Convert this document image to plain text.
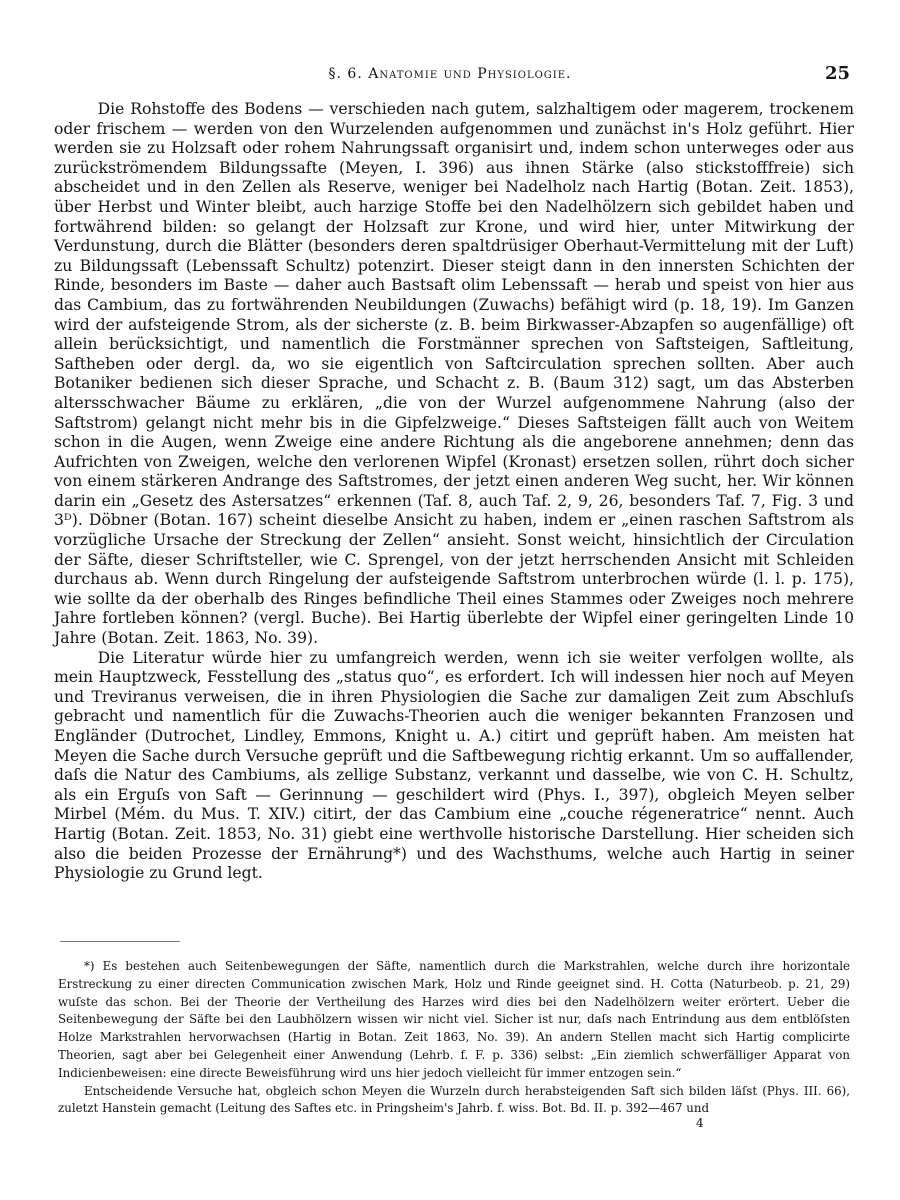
§. 6. Anatomie und Physiologie.	25

Die Rohstoffe des Bodens — verschieden nach gutem, salzhaltigem oder magerem, trockenem oder frischem — werden von den Wurzelenden aufgenommen und zunächst in's Holz geführt. Hier werden sie zu Holzsaft oder rohem Nahrungssaft organisirt und, indem schon unterweges oder aus zurückströmendem Bildungssafte (Meyen, I. 396) aus ihnen Stärke (also stickstofffreie) sich abscheidet und in den Zellen als Reserve, weniger bei Nadelholz nach Hartig (Botan. Zeit. 1853), über Herbst und Winter bleibt, auch harzige Stoffe bei den Nadelhölzern sich gebildet haben und fortwährend bilden: so gelangt der Holzsaft zur Krone, und wird hier, unter Mitwirkung der Verdunstung, durch die Blätter (besonders deren spaltdrüsiger Oberhaut-Vermittelung mit der Luft) zu Bildungssaft (Lebenssaft Schultz) potenzirt. Dieser steigt dann in den innersten Schichten der Rinde, besonders im Baste — daher auch Bastsaft olim Lebenssaft — herab und speist von hier aus das Cambium, das zu fortwährenden Neubildungen (Zuwachs) befähigt wird (p. 18, 19). Im Ganzen wird der aufsteigende Strom, als der sicherste (z. B. beim Birkwasser-Abzapfen so augenfällige) oft allein berücksichtigt, und namentlich die Forstmänner sprechen von Saftsteigen, Saftleitung, Saftheben oder dergl. da, wo sie eigentlich von Saftcirculation sprechen sollten. Aber auch Botaniker bedienen sich dieser Sprache, und Schacht z. B. (Baum 312) sagt, um das Absterben altersschwacher Bäume zu erklären, „die von der Wurzel aufgenommene Nahrung (also der Saftstrom) gelangt nicht mehr bis in die Gipfelzweige.“ Dieses Saftsteigen fällt auch von Weitem schon in die Augen, wenn Zweige eine andere Richtung als die angeborene annehmen; denn das Aufrichten von Zweigen, welche den verlorenen Wipfel (Kronast) ersetzen sollen, rührt doch sicher von einem stärkeren Andrange des Saftstromes, der jetzt einen anderen Weg sucht, her. Wir können darin ein „Gesetz des Astersatzes“ erkennen (Taf. 8, auch Taf. 2, 9, 26, besonders Taf. 7, Fig. 3 und 3ᴰ). Döbner (Botan. 167) scheint dieselbe Ansicht zu haben, indem er „einen raschen Saftstrom als vorzügliche Ursache der Streckung der Zellen“ ansieht. Sonst weicht, hinsichtlich der Circulation der Säfte, dieser Schriftsteller, wie C. Sprengel, von der jetzt herrschenden Ansicht mit Schleiden durchaus ab. Wenn durch Ringelung der aufsteigende Saftstrom unterbrochen würde (l. l. p. 175), wie sollte da der oberhalb des Ringes befindliche Theil eines Stammes oder Zweiges noch mehrere Jahre fortleben können? (vergl. Buche). Bei Hartig überlebte der Wipfel einer geringelten Linde 10 Jahre (Botan. Zeit. 1863, No. 39).

Die Literatur würde hier zu umfangreich werden, wenn ich sie weiter verfolgen wollte, als mein Hauptzweck, Fesstellung des „status quo“, es erfordert. Ich will indessen hier noch auf Meyen und Treviranus verweisen, die in ihren Physiologien die Sache zur damaligen Zeit zum Abschluſs gebracht und namentlich für die Zuwachs-Theorien auch die weniger bekannten Franzosen und Engländer (Dutrochet, Lindley, Emmons, Knight u. A.) citirt und geprüft haben. Am meisten hat Meyen die Sache durch Versuche geprüft und die Saftbewegung richtig erkannt. Um so auffallender, daſs die Natur des Cambiums, als zellige Substanz, verkannt und dasselbe, wie von C. H. Schultz, als ein Erguſs von Saft — Gerinnung — geschildert wird (Phys. I., 397), obgleich Meyen selber Mirbel (Mém. du Mus. T. XIV.) citirt, der das Cambium eine „couche régeneratrice“ nennt. Auch Hartig (Botan. Zeit. 1853, No. 31) giebt eine werthvolle historische Darstellung. Hier scheiden sich also die beiden Prozesse der Ernährung*) und des Wachsthums, welche auch Hartig in seiner Physiologie zu Grund legt.

*) Es bestehen auch Seitenbewegungen der Säfte, namentlich durch die Markstrahlen, welche durch ihre horizontale Erstreckung zu einer directen Communication zwischen Mark, Holz und Rinde geeignet sind. H. Cotta (Naturbeob. p. 21, 29) wuſste das schon. Bei der Theorie der Vertheilung des Harzes wird dies bei den Nadelhölzern weiter erörtert. Ueber die Seitenbewegung der Säfte bei den Laubhölzern wissen wir nicht viel. Sicher ist nur, daſs nach Entrindung aus dem entblöſsten Holze Markstrahlen hervorwachsen (Hartig in Botan. Zeit 1863, No. 39). An andern Stellen macht sich Hartig complicirte Theorien, sagt aber bei Gelegenheit einer Anwendung (Lehrb. f. F. p. 336) selbst: „Ein ziemlich schwerfälliger Apparat von Indicienbeweisen: eine directe Beweisführung wird uns hier jedoch vielleicht für immer entzogen sein.“

Entscheidende Versuche hat, obgleich schon Meyen die Wurzeln durch herabsteigenden Saft sich bilden läſst (Phys. III. 66), zuletzt Hanstein gemacht (Leitung des Saftes etc. in Pringsheim's Jahrb. f. wiss. Bot. Bd. II. p. 392—467 und

4
